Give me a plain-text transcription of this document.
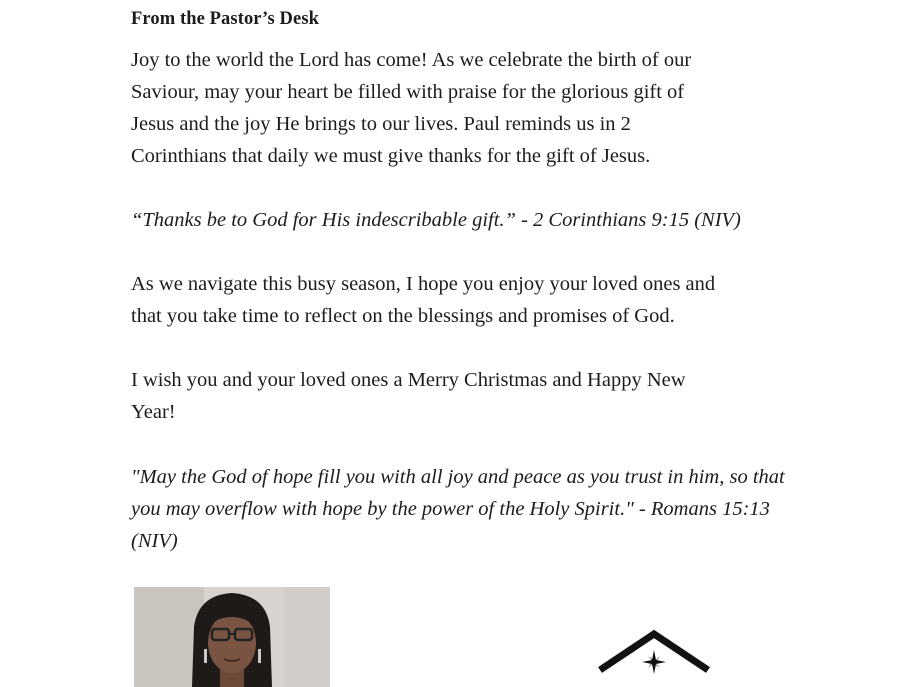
From the Pastor’s Desk
Joy to the world the Lord has come! As we celebrate the birth of our
Saviour, may your heart be filled with praise for the glorious gift of
Jesus and the joy He brings to our lives. Paul reminds us in 2
Corinthians that daily we must give thanks for the gift of Jesus.
“Thanks be to God for His indescribable gift.” - 2 Corinthians 9:15 (NIV)
As we navigate this busy season, I hope you enjoy your loved ones and
that you take time to reflect on the blessings and promises of God.
I wish you and your loved ones a Merry Christmas and Happy New
Year!
"May the God of hope fill you with all joy and peace as you trust in him, so that
you may overflow with hope by the power of the Holy Spirit." - Romans 15:13
(NIV)
